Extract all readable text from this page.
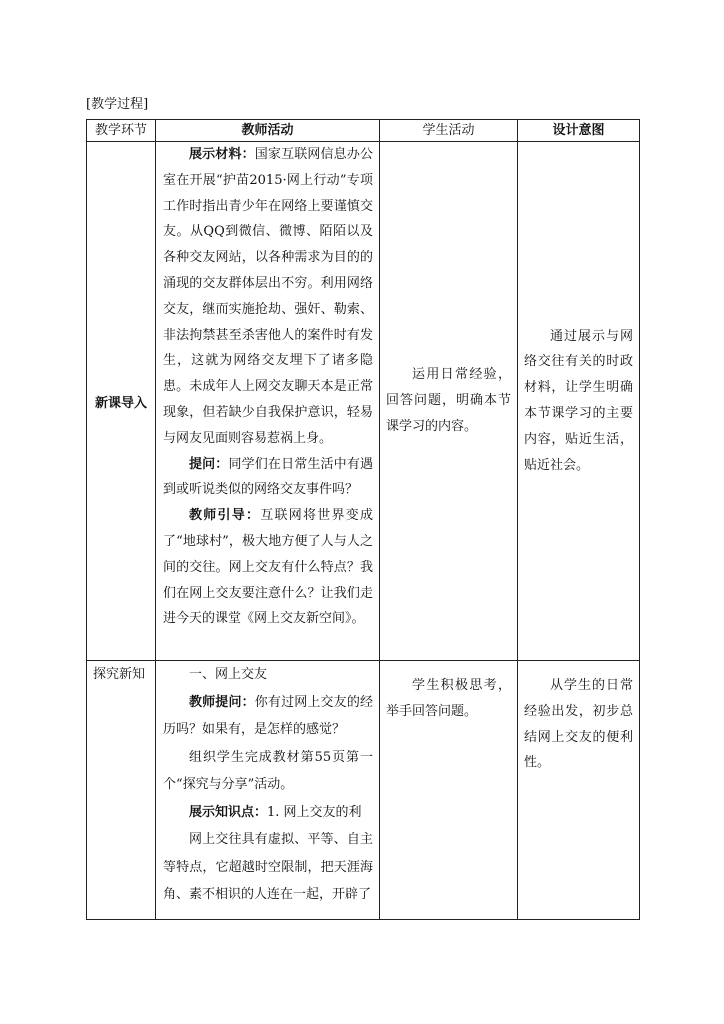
[教学过程]
教学环节	教师活动	学生活动	设计意图
新课导入	展示材料：国家互联网信息办公室在开展“护苗2015·网上行动”专项工作时指出青少年在网络上要谨慎交友。从QQ到微信、微博、陌陌以及各种交友网站，以各种需求为目的的涌现的交友群体层出不穷。利用网络交友，继而实施抢劫、强奸、勒索、非法拘禁甚至杀害他人的案件时有发生，这就为网络交友埋下了诸多隐患。未成年人上网交友聊天本是正常现象，但若缺少自我保护意识，轻易与网友见面则容易惹祸上身。

提问：同学们在日常生活中有遇到或听说类似的网络交友事件吗？

教师引导：互联网将世界变成了“地球村”，极大地方便了人与人之间的交往。网上交友有什么特点？我们在网上交友要注意什么？让我们走进今天的课堂《网上交友新空间》。	运用日常经验，回答问题，明确本节课学习的内容。	通过展示与网络交往有关的时政材料，让学生明确本节课学习的主要内容，贴近生活，贴近社会。

探究新知	一、网上交友

教师提问：你有过网上交友的经历吗？如果有，是怎样的感觉？

组织学生完成教材第55页第一个“探究与分享”活动。

展示知识点：1. 网上交友的利

网上交往具有虚拟、平等、自主等特点，它超越时空限制，把天涯海角、素不相识的人连在一起，开辟了	学生积极思考，举手回答问题。	从学生的日常经验出发，初步总结网上交友的便利性。
